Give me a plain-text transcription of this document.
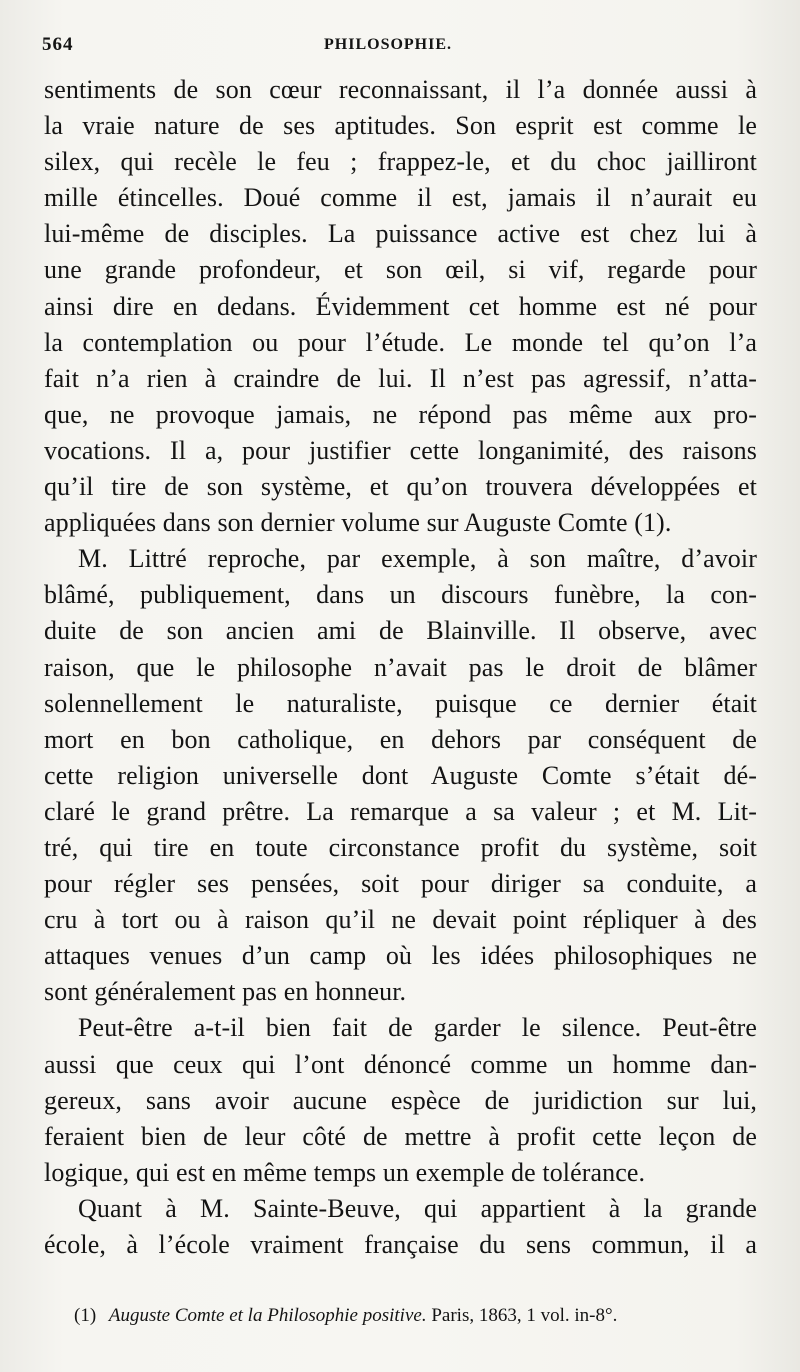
564	PHILOSOPHIE.
sentiments de son cœur reconnaissant, il l’a donnée aussi à
la vraie nature de ses aptitudes. Son esprit est comme le
silex, qui recèle le feu ; frappez-le, et du choc jailliront
mille étincelles. Doué comme il est, jamais il n’aurait eu
lui-même de disciples. La puissance active est chez lui à
une grande profondeur, et son œil, si vif, regarde pour
ainsi dire en dedans. Évidemment cet homme est né pour
la contemplation ou pour l’étude. Le monde tel qu’on l’a
fait n’a rien à craindre de lui. Il n’est pas agressif, n’atta-
que, ne provoque jamais, ne répond pas même aux pro-
vocations. Il a, pour justifier cette longanimité, des raisons
qu’il tire de son système, et qu’on trouvera développées et
appliquées dans son dernier volume sur Auguste Comte (1).
M. Littré reproche, par exemple, à son maître, d’avoir
blâmé, publiquement, dans un discours funèbre, la con-
duite de son ancien ami de Blainville. Il observe, avec
raison, que le philosophe n’avait pas le droit de blâmer
solennellement le naturaliste, puisque ce dernier était
mort en bon catholique, en dehors par conséquent de
cette religion universelle dont Auguste Comte s’était dé-
claré le grand prêtre. La remarque a sa valeur ; et M. Lit-
tré, qui tire en toute circonstance profit du système, soit
pour régler ses pensées, soit pour diriger sa conduite, a
cru à tort ou à raison qu’il ne devait point répliquer à des
attaques venues d’un camp où les idées philosophiques ne
sont généralement pas en honneur.
Peut-être a-t-il bien fait de garder le silence. Peut-être
aussi que ceux qui l’ont dénoncé comme un homme dan-
gereux, sans avoir aucune espèce de juridiction sur lui,
feraient bien de leur côté de mettre à profit cette leçon de
logique, qui est en même temps un exemple de tolérance.
Quant à M. Sainte-Beuve, qui appartient à la grande
école, à l’école vraiment française du sens commun, il a
(1) Auguste Comte et la Philosophie positive. Paris, 1863, 1 vol. in-8°.
